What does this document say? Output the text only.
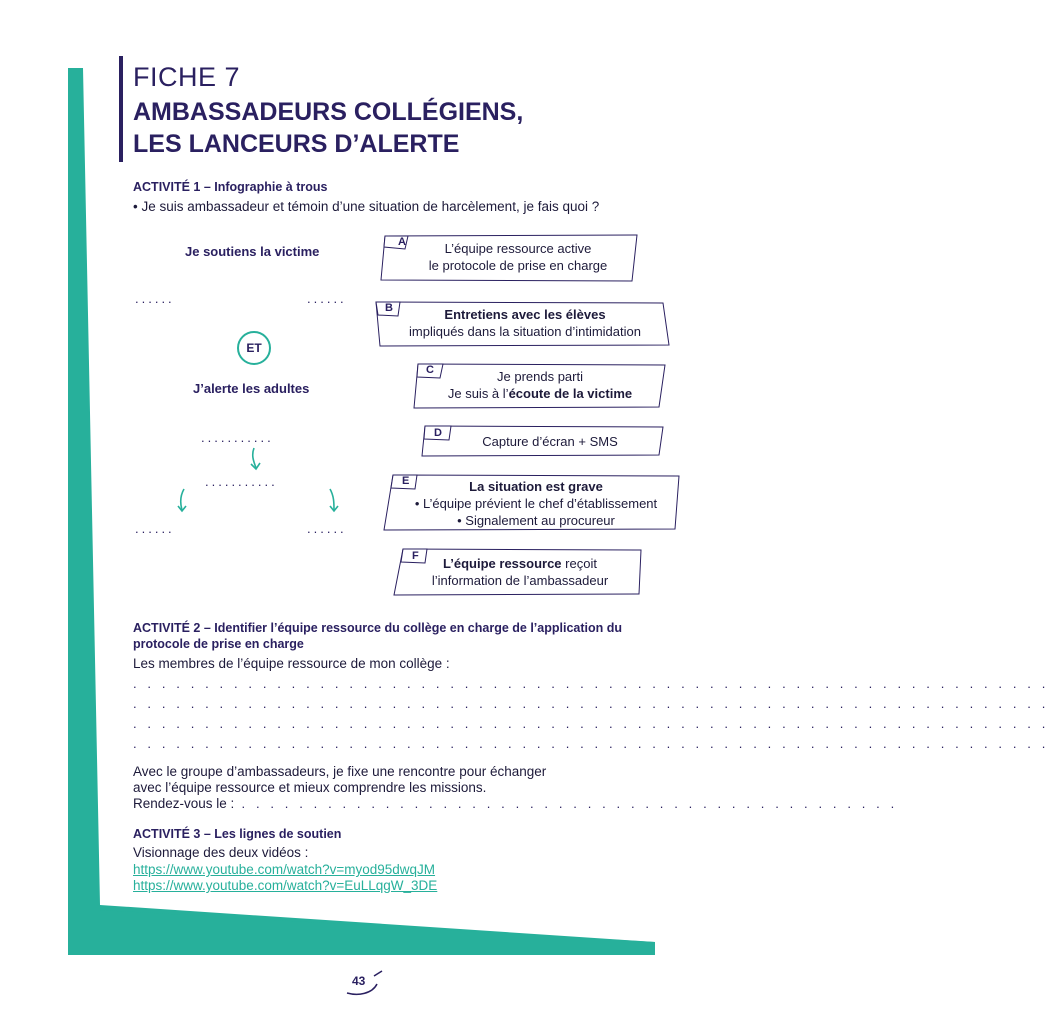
FICHE 7
AMBASSADEURS COLLÉGIENS,
LES LANCEURS D’ALERTE
ACTIVITÉ 1 – Infographie à trous
• Je suis ambassadeur et témoin d’une situation de harcèlement, je fais quoi ?
Je soutiens la victime
......	......
ET
J’alerte les adultes
...........
...........
......	......
A	L’équipe ressource active
le protocole de prise en charge
B	Entretiens avec les élèves
impliqués dans la situation d’intimidation
C	Je prends parti
Je suis à l’écoute de la victime
D
Capture d’écran + SMS
E	La situation est grave
• L’équipe prévient le chef d’établissement
• Signalement au procureur
F	L’équipe ressource reçoit
l’information de l’ambassadeur
ACTIVITÉ 2 – Identifier l’équipe ressource du collège en charge de l’application du protocole de prise en charge
Les membres de l’équipe ressource de mon collège :
. . . . . . . . . . . . . . . . . . . . . . . . . . . . . . . . . . . . . . . . . . . . . . . . . . . . . . . . . . . . . . . .
. . . . . . . . . . . . . . . . . . . . . . . . . . . . . . . . . . . . . . . . . . . . . . . . . . . . . . . . . . . . . . . .
. . . . . . . . . . . . . . . . . . . . . . . . . . . . . . . . . . . . . . . . . . . . . . . . . . . . . . . . . . . . . . . .
. . . . . . . . . . . . . . . . . . . . . . . . . . . . . . . . . . . . . . . . . . . . . . . . . . . . . . . . . . . . . . . .
Avec le groupe d’ambassadeurs, je fixe une rencontre pour échanger
avec l’équipe ressource et mieux comprendre les missions.
Rendez-vous le : . . . . . . . . . . . . . . . . . . . . . . . . . . . . . . . . . . . . . . . . . . . . . .
ACTIVITÉ 3 – Les lignes de soutien
Visionnage des deux vidéos :
https://www.youtube.com/watch?v=myod95dwqJM
https://www.youtube.com/watch?v=EuLLqgW_3DE
43
